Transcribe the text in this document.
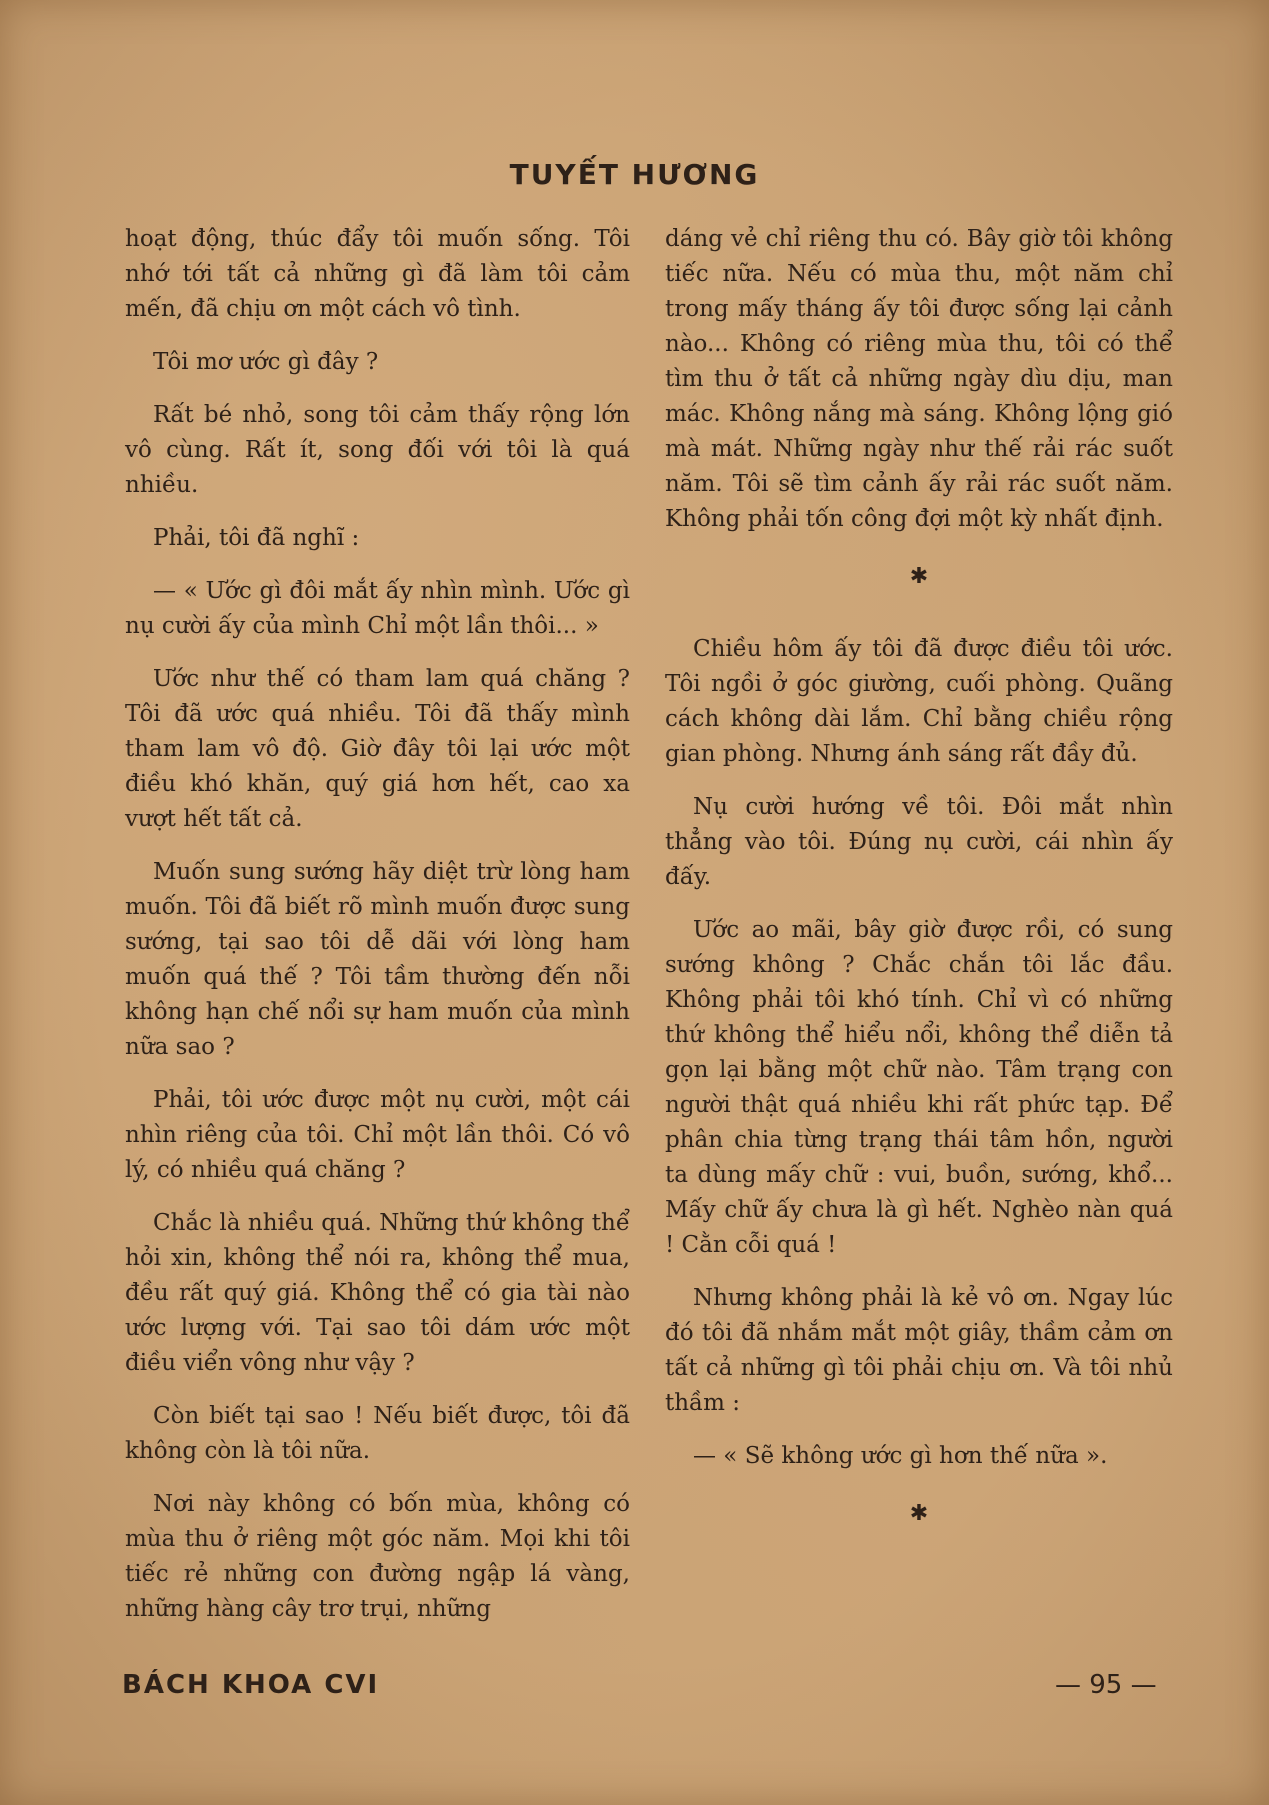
TUYẾT HƯƠNG

hoạt động, thúc đẩy tôi muốn sống. Tôi nhớ tới tất cả những gì đã làm tôi cảm mến, đã chịu ơn một cách vô tình.

Tôi mơ ước gì đây ?

Rất bé nhỏ, song tôi cảm thấy rộng lớn vô cùng. Rất ít, song đối với tôi là quá nhiều.

Phải, tôi đã nghĩ :

— « Ước gì đôi mắt ấy nhìn mình. Ước gì nụ cười ấy của mình Chỉ một lần thôi... »

Ước như thế có tham lam quá chăng ? Tôi đã ước quá nhiều. Tôi đã thấy mình tham lam vô độ. Giờ đây tôi lại ước một điều khó khăn, quý giá hơn hết, cao xa vượt hết tất cả.

Muốn sung sướng hãy diệt trừ lòng ham muốn. Tôi đã biết rõ mình muốn được sung sướng, tại sao tôi dễ dãi với lòng ham muốn quá thế ? Tôi tầm thường đến nỗi không hạn chế nổi sự ham muốn của mình nữa sao ?

Phải, tôi ước được một nụ cười, một cái nhìn riêng của tôi. Chỉ một lần thôi. Có vô lý, có nhiều quá chăng ?

Chắc là nhiều quá. Những thứ không thể hỏi xin, không thể nói ra, không thể mua, đều rất quý giá. Không thể có gia tài nào ước lượng với. Tại sao tôi dám ước một điều viển vông như vậy ?

Còn biết tại sao ! Nếu biết được, tôi đã không còn là tôi nữa.

Nơi này không có bốn mùa, không có mùa thu ở riêng một góc năm. Mọi khi tôi tiếc rẻ những con đường ngập lá vàng, những hàng cây trơ trụi, những

dáng vẻ chỉ riêng thu có. Bây giờ tôi không tiếc nữa. Nếu có mùa thu, một năm chỉ trong mấy tháng ấy tôi được sống lại cảnh nào... Không có riêng mùa thu, tôi có thể tìm thu ở tất cả những ngày dìu dịu, man mác. Không nắng mà sáng. Không lộng gió mà mát. Những ngày như thế rải rác suốt năm. Tôi sẽ tìm cảnh ấy rải rác suốt năm. Không phải tốn công đợi một kỳ nhất định.

✱

Chiều hôm ấy tôi đã được điều tôi ước. Tôi ngồi ở góc giường, cuối phòng. Quãng cách không dài lắm. Chỉ bằng chiều rộng gian phòng. Nhưng ánh sáng rất đầy đủ.

Nụ cười hướng về tôi. Đôi mắt nhìn thẳng vào tôi. Đúng nụ cười, cái nhìn ấy đấy.

Ước ao mãi, bây giờ được rồi, có sung sướng không ? Chắc chắn tôi lắc đầu. Không phải tôi khó tính. Chỉ vì có những thứ không thể hiểu nổi, không thể diễn tả gọn lại bằng một chữ nào. Tâm trạng con người thật quá nhiều khi rất phức tạp. Để phân chia từng trạng thái tâm hồn, người ta dùng mấy chữ : vui, buồn, sướng, khổ... Mấy chữ ấy chưa là gì hết. Nghèo nàn quá ! Cằn cỗi quá !

Nhưng không phải là kẻ vô ơn. Ngay lúc đó tôi đã nhắm mắt một giây, thầm cảm ơn tất cả những gì tôi phải chịu ơn. Và tôi nhủ thầm :

— « Sẽ không ước gì hơn thế nữa ».

✱
BÁCH KHOA CVI	— 95 —
